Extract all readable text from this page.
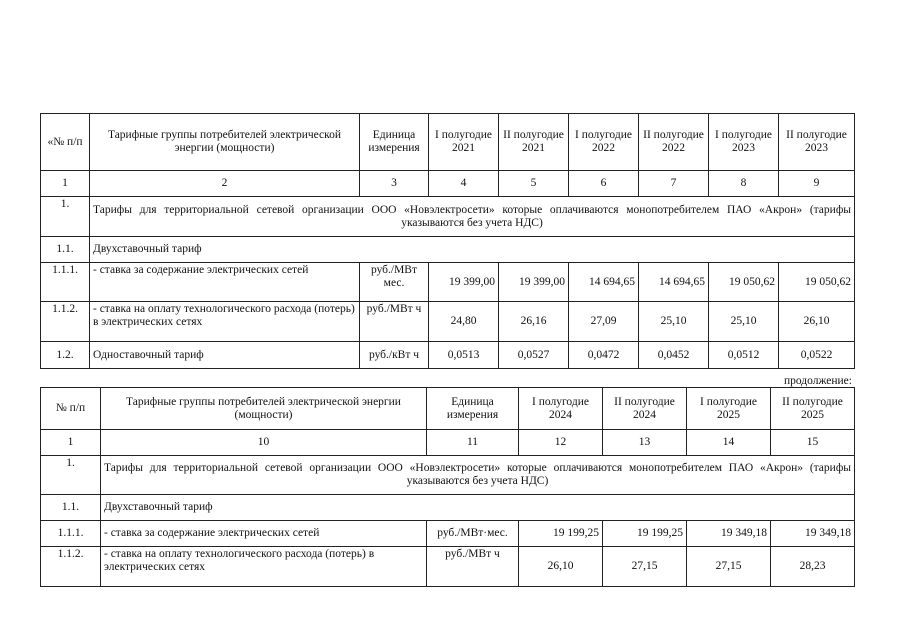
«№ п/п	Тарифные группы потребителей электрической энергии (мощности)	Единица измерения	I полугодие 2021	II полугодие 2021	I полугодие 2022	II полугодие 2022	I полугодие 2023	II полугодие 2023
1	2	3	4	5	6	7	8	9
1.	Тарифы для территориальной сетевой организации ООО «Новэлектросети» которые оплачиваются монопотребителем ПАО «Акрон» (тарифы указываются без учета НДС)							
1.1.	Двухставочный тариф							
1.1.1.	- ставка за содержание электрических сетей	руб./МВт мес.	19 399,00	19 399,00	14 694,65	14 694,65	19 050,62	19 050,62
1.1.2.	- ставка на оплату технологического расхода (потерь) в электрических сетях	руб./МВт ч	24,80	26,16	27,09	25,10	25,10	26,10
1.2.	Одноставочный тариф	руб./кВт ч	0,0513	0,0527	0,0472	0,0452	0,0512	0,0522
продолжение:
№ п/п	Тарифные группы потребителей электрической энергии (мощности)	Единица измерения	I полугодие 2024	II полугодие 2024	I полугодие 2025	II полугодие 2025
1	10	11	12	13	14	15
1.	Тарифы для территориальной сетевой организации ООО «Новэлектросети» которые оплачиваются монопотребителем ПАО «Акрон» (тарифы указываются без учета НДС)					
1.1.	Двухставочный тариф					
1.1.1.	- ставка за содержание электрических сетей	руб./МВт·мес.	19 199,25	19 199,25	19 349,18	19 349,18
1.1.2.	- ставка на оплату технологического расхода (потерь) в электрических сетях	руб./МВт ч	26,10	27,15	27,15	28,23
